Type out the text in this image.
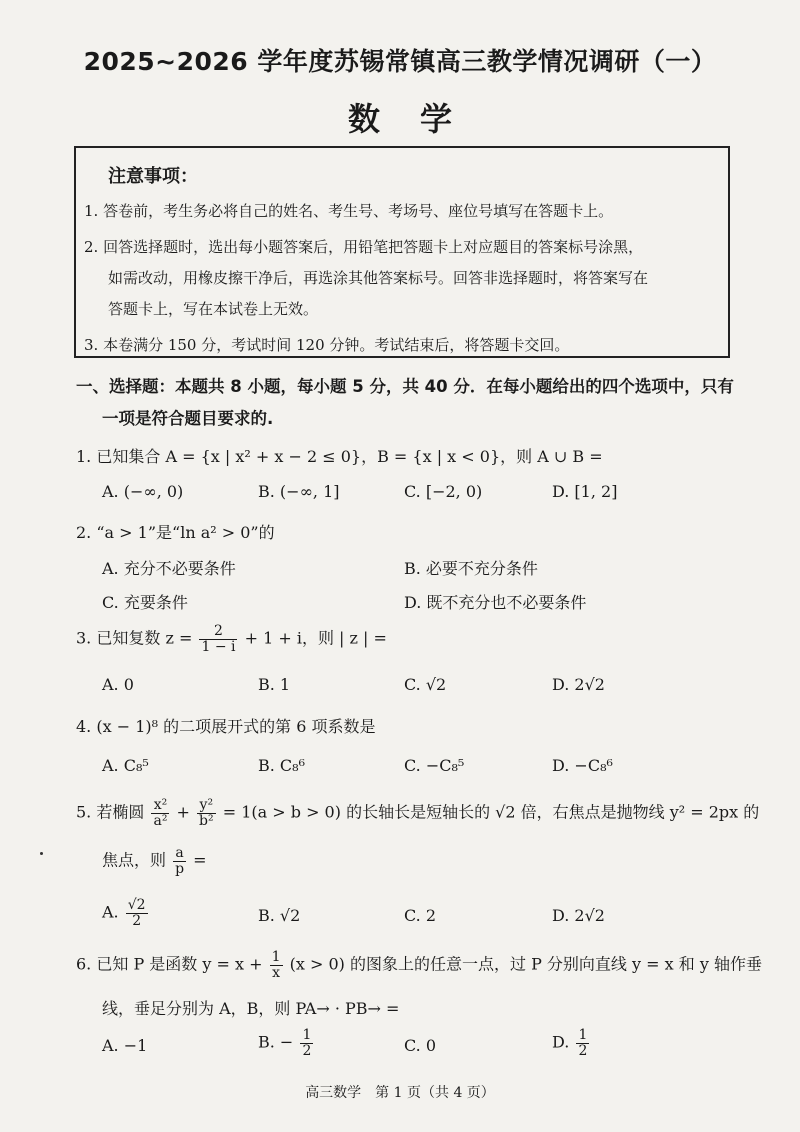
2025~2026 学年度苏锡常镇高三教学情况调研（一）
数学
注意事项：
1. 答卷前，考生务必将自己的姓名、考生号、考场号、座位号填写在答题卡上。
2. 回答选择题时，选出每小题答案后，用铅笔把答题卡上对应题目的答案标号涂黑，
如需改动，用橡皮擦干净后，再选涂其他答案标号。回答非选择题时，将答案写在
答题卡上，写在本试卷上无效。
3. 本卷满分 150 分，考试时间 120 分钟。考试结束后，将答题卡交回。
一、选择题：本题共 8 小题，每小题 5 分，共 40 分．在每小题给出的四个选项中，只有
一项是符合题目要求的.
1. 已知集合 A = {x | x² + x − 2 ≤ 0}，B = {x | x < 0}，则 A ∪ B =
A. (−∞, 0)	B. (−∞, 1]	C. [−2, 0)	D. [1, 2]
2. “a > 1”是“ln a² > 0”的
A. 充分不必要条件	B. 必要不充分条件
C. 充要条件	D. 既不充分也不必要条件
3. 已知复数 $z = \frac{2}{1 - i} + 1 + i$，则 | z | =
A. 0	B. 1	C. √2	D. 2√2
4. (x − 1)⁸ 的二项展开式的第 6 项系数是
A. C₈⁵	B. C₈⁶	C. −C₈⁵	D. −C₈⁶
5. 若椭圆 $\frac{\text{x²}}{\text{a²}} + \frac{\text{y²}}{\text{b²}} = 1(a > b > 0)$ 的长轴长是短轴长的 √2 倍，右焦点是抛物线 y² = 2px 的
焦点，则 $\frac{a}{p}$ =
A. $\frac{√2}{2}$	B. √2	C. 2	D. 2√2
6. 已知 P 是函数 $y = x + \frac{1}{x} (x > 0)$ 的图象上的任意一点，过 P 分别向直线 y = x 和 y 轴作垂
线，垂足分别为 A，B，则 PA→ · PB→ =
A. −1	B. − $\frac{1}{2}$	C. 0	D. $\frac{1}{2}$
高三数学　第 1 页（共 4 页）
